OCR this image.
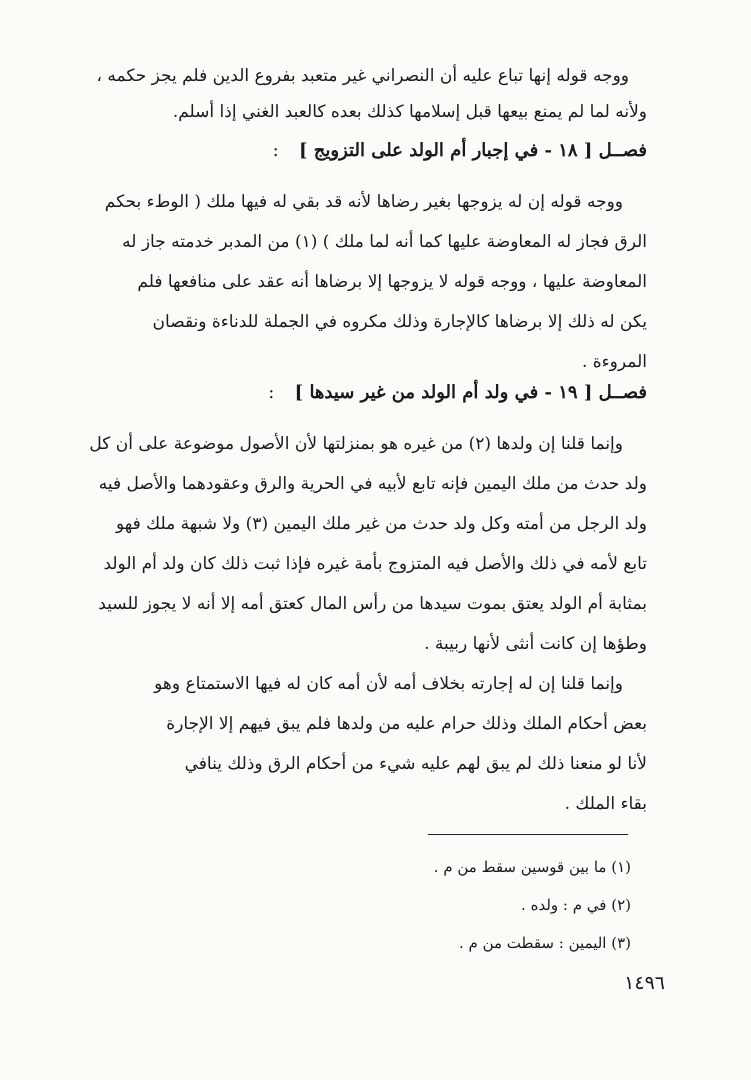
ووجه قوله إنها تباع عليه أن النصراني غير متعبد بفروع الدين فلم يجز حكمه ،
ولأنه لما لم يمنع بيعها قبل إسلامها كذلك بعده كالعبد الغني إذا أسلم.
فصــل [ ١٨ - في إجبار أم الولد على التزويج ] :
ووجه قوله إن له يزوجها بغير رضاها لأنه قد بقي له فيها ملك ( الوطء بحكم
الرق فجاز له المعاوضة عليها كما أنه لما ملك ) (١) من المدبر خدمته جاز له
المعاوضة عليها ، ووجه قوله لا يزوجها إلا برضاها أنه عقد على منافعها فلم
يكن له ذلك إلا برضاها كالإجارة وذلك مكروه في الجملة للدناءة ونقصان
المروءة .
فصــل [ ١٩ - في ولد أم الولد من غير سيدها ] :
وإنما قلنا إن ولدها (٢) من غيره هو بمنزلتها لأن الأصول موضوعة على أن كل
ولد حدث من ملك اليمين فإنه تابع لأبيه في الحرية والرق وعقودهما والأصل فيه
ولد الرجل من أمته وكل ولد حدث من غير ملك اليمين (٣) ولا شبهة ملك فهو
تابع لأمه في ذلك والأصل فيه المتزوج بأمة غيره فإذا ثبت ذلك كان ولد أم الولد
بمثابة أم الولد يعتق بموت سيدها من رأس المال كعتق أمه إلا أنه لا يجوز للسيد
وطؤها إن كانت أنثى لأنها ربيبة .
وإنما قلنا إن له إجارته بخلاف أمه لأن أمه كان له فيها الاستمتاع وهو
بعض أحكام الملك وذلك حرام عليه من ولدها فلم يبق فيهم إلا الإجارة
لأنا لو منعنا ذلك لم يبق لهم عليه شيء من أحكام الرق وذلك ينافي
بقاء الملك .
(١) ما بين قوسين سقط من م .
(٢) في م : ولده .
(٣) اليمين : سقطت من م .
١٤٩٦
